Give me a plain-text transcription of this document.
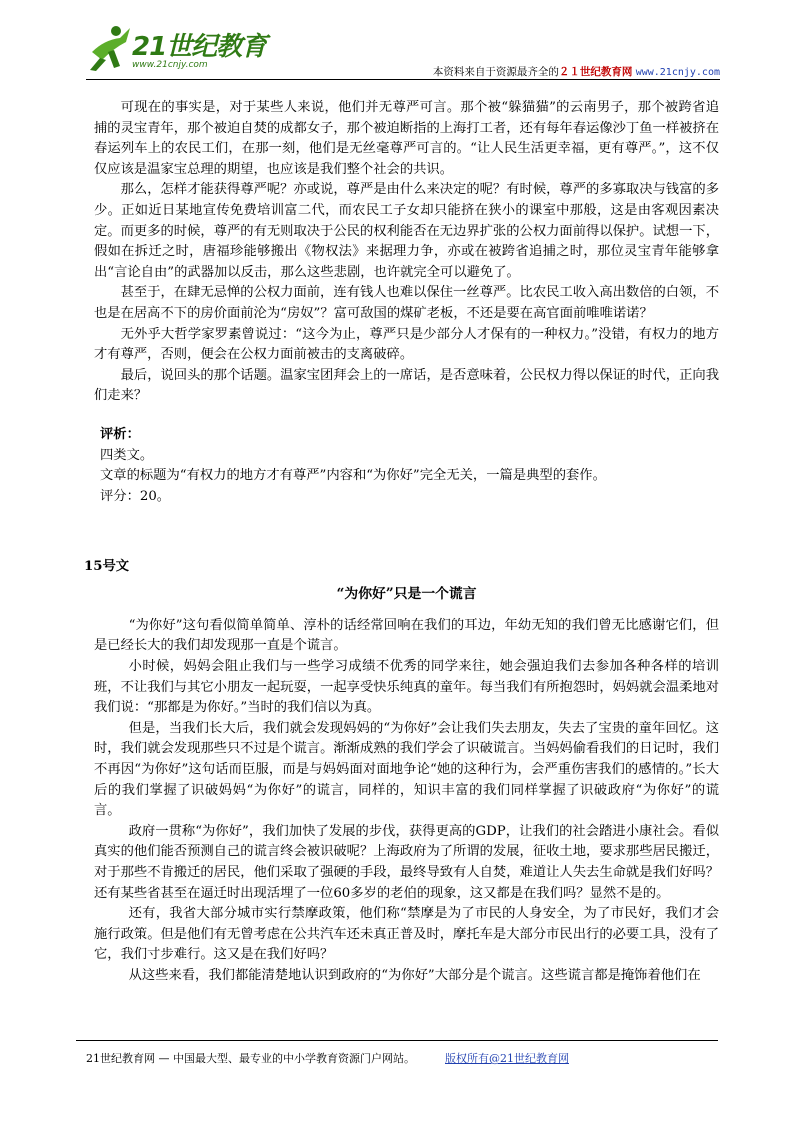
21世纪教育
www.21cnjy.com
本资料来自于资源最齐全的２１世纪教育网 www.21cnjy.com

可现在的事实是，对于某些人来说，他们并无尊严可言。那个被“躲猫猫”的云南男子，那个被跨省追捕的灵宝青年，那个被迫自焚的成都女子，那个被迫断指的上海打工者，还有每年春运像沙丁鱼一样被挤在春运列车上的农民工们，在那一刻，他们是无丝毫尊严可言的。“让人民生活更幸福，更有尊严。”，这不仅仅应该是温家宝总理的期望，也应该是我们整个社会的共识。

那么，怎样才能获得尊严呢？亦或说，尊严是由什么来决定的呢？有时候，尊严的多寡取决与钱富的多少。正如近日某地宣传免费培训富二代，而农民工子女却只能挤在狭小的课室中那般，这是由客观因素决定。而更多的时候，尊严的有无则取决于公民的权利能否在无边界扩张的公权力面前得以保护。试想一下，假如在拆迁之时，唐福珍能够搬出《物权法》来据理力争，亦或在被跨省追捕之时，那位灵宝青年能够拿出“言论自由”的武器加以反击，那么这些悲剧，也许就完全可以避免了。

甚至于，在肆无忌惮的公权力面前，连有钱人也难以保住一丝尊严。比农民工收入高出数倍的白领，不也是在居高不下的房价面前沦为“房奴”？富可敌国的煤矿老板，不还是要在高官面前唯唯诺诺？

无外乎大哲学家罗素曾说过：“这今为止，尊严只是少部分人才保有的一种权力。”没错，有权力的地方才有尊严，否则，便会在公权力面前被击的支离破碎。

最后，说回头的那个话题。温家宝团拜会上的一席话，是否意味着，公民权力得以保证的时代，正向我们走来？

评析：

四类文。

文章的标题为“有权力的地方才有尊严”内容和“为你好”完全无关，一篇是典型的套作。

评分：20。

15号文

“为你好”只是一个谎言

“为你好”这句看似简单简单、淳朴的话经常回响在我们的耳边，年幼无知的我们曾无比感谢它们，但是已经长大的我们却发现那一直是个谎言。

小时候，妈妈会阻止我们与一些学习成绩不优秀的同学来往，她会强迫我们去参加各种各样的培训班，不让我们与其它小朋友一起玩耍，一起享受快乐纯真的童年。每当我们有所抱怨时，妈妈就会温柔地对我们说：“那都是为你好。”当时的我们信以为真。

但是，当我们长大后，我们就会发现妈妈的“为你好”会让我们失去朋友，失去了宝贵的童年回忆。这时，我们就会发现那些只不过是个谎言。渐渐成熟的我们学会了识破谎言。当妈妈偷看我们的日记时，我们不再因“为你好”这句话而臣服，而是与妈妈面对面地争论“她的这种行为，会严重伤害我们的感情的。”长大后的我们掌握了识破妈妈“为你好”的谎言，同样的，知识丰富的我们同样掌握了识破政府“为你好”的谎言。

政府一贯称“为你好”，我们加快了发展的步伐，获得更高的GDP，让我们的社会踏进小康社会。看似真实的他们能否预测自己的谎言终会被识破呢？上海政府为了所谓的发展，征收土地，要求那些居民搬迁，对于那些不肯搬迁的居民，他们采取了强硬的手段，最终导致有人自焚，难道让人失去生命就是我们好吗？还有某些省甚至在逼迁时出现活埋了一位60多岁的老伯的现象，这又都是在我们吗？显然不是的。

还有，我省大部分城市实行禁摩政策，他们称“禁摩是为了市民的人身安全，为了市民好，我们才会施行政策。但是他们有无曾考虑在公共汽车还未真正普及时，摩托车是大部分市民出行的必要工具，没有了它，我们寸步难行。这又是在我们好吗？

从这些来看，我们都能清楚地认识到政府的“为你好”大部分是个谎言。这些谎言都是掩饰着他们在

21世纪教育网 — 中国最大型、最专业的中小学教育资源门户网站。	版权所有@21世纪教育网
